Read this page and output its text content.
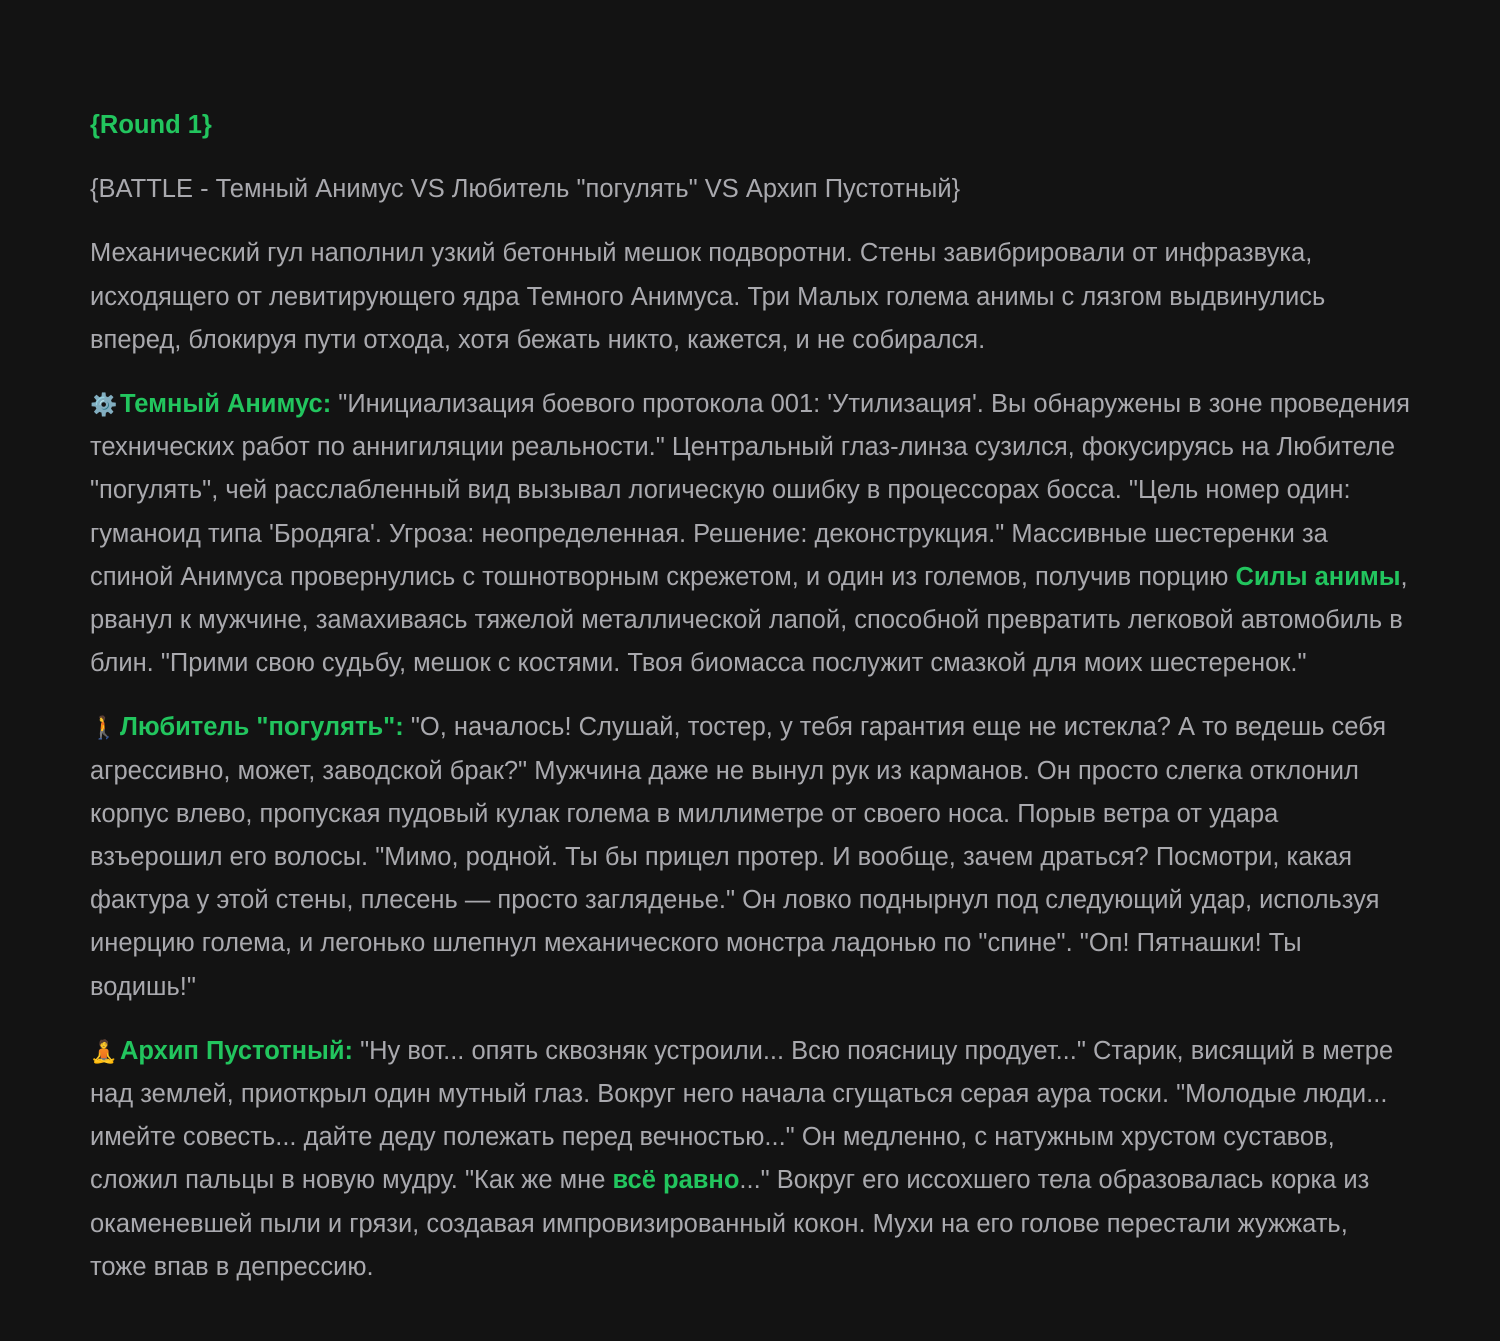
{Round 1}

{BATTLE - Темный Анимус VS Любитель "погулять" VS Архип Пустотный}

Механический гул наполнил узкий бетонный мешок подворотни. Стены завибрировали от инфразвука, исходящего от левитирующего ядра Темного Анимуса. Три Малых голема анимы с лязгом выдвинулись вперед, блокируя пути отхода, хотя бежать никто, кажется, и не собирался.

⚙️ Темный Анимус: "Инициализация боевого протокола 001: 'Утилизация'. Вы обнаружены в зоне проведения технических работ по аннигиляции реальности." Центральный глаз-линза сузился, фокусируясь на Любителе "погулять", чей расслабленный вид вызывал логическую ошибку в процессорах босса. "Цель номер один: гуманоид типа 'Бродяга'. Угроза: неопределенная. Решение: деконструкция." Массивные шестеренки за спиной Анимуса провернулись с тошнотворным скрежетом, и один из големов, получив порцию Силы анимы, рванул к мужчине, замахиваясь тяжелой металлической лапой, способной превратить легковой автомобиль в блин. "Прими свою судьбу, мешок с костями. Твоя биомасса послужит смазкой для моих шестеренок."

🚶 Любитель "погулять": "О, началось! Слушай, тостер, у тебя гарантия еще не истекла? А то ведешь себя агрессивно, может, заводской брак?" Мужчина даже не вынул рук из карманов. Он просто слегка отклонил корпус влево, пропуская пудовый кулак голема в миллиметре от своего носа. Порыв ветра от удара взъерошил его волосы. "Мимо, родной. Ты бы прицел протер. И вообще, зачем драться? Посмотри, какая фактура у этой стены, плесень — просто загляденье." Он ловко поднырнул под следующий удар, используя инерцию голема, и легонько шлепнул механического монстра ладонью по "спине". "Оп! Пятнашки! Ты водишь!"

🧘 Архип Пустотный: "Ну вот... опять сквозняк устроили... Всю поясницу продует..." Старик, висящий в метре над землей, приоткрыл один мутный глаз. Вокруг него начала сгущаться серая аура тоски. "Молодые люди... имейте совесть... дайте деду полежать перед вечностью..." Он медленно, с натужным хрустом суставов, сложил пальцы в новую мудру. "Как же мне всё равно..." Вокруг его иссохшего тела образовалась корка из окаменевшей пыли и грязи, создавая импровизированный кокон. Мухи на его голове перестали жужжать, тоже впав в депрессию.
